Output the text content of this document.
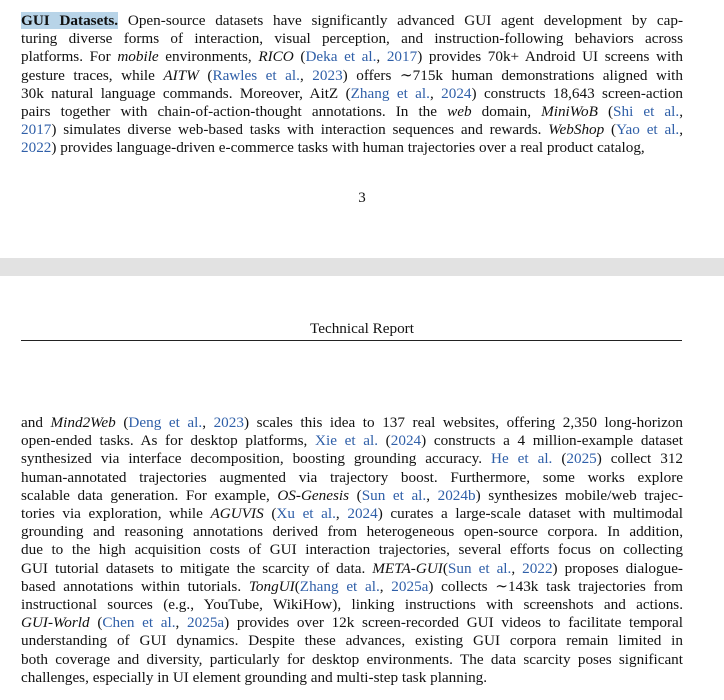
GUI Datasets. Open-source datasets have significantly advanced GUI agent development by cap-
turing diverse forms of interaction, visual perception, and instruction-following behaviors across
platforms. For mobile environments, RICO (Deka et al., 2017) provides 70k+ Android UI screens with
gesture traces, while AITW (Rawles et al., 2023) offers ∼715k human demonstrations aligned with
30k natural language commands. Moreover, AitZ (Zhang et al., 2024) constructs 18,643 screen-action
pairs together with chain-of-action-thought annotations. In the web domain, MiniWoB (Shi et al.,
2017) simulates diverse web-based tasks with interaction sequences and rewards. WebShop (Yao et al.,
2022) provides language-driven e-commerce tasks with human trajectories over a real product catalog,

3
Technical Report

and Mind2Web (Deng et al., 2023) scales this idea to 137 real websites, offering 2,350 long-horizon
open-ended tasks. As for desktop platforms, Xie et al. (2024) constructs a 4 million-example dataset
synthesized via interface decomposition, boosting grounding accuracy. He et al. (2025) collect 312
human-annotated trajectories augmented via trajectory boost. Furthermore, some works explore
scalable data generation. For example, OS-Genesis (Sun et al., 2024b) synthesizes mobile/web trajec-
tories via exploration, while AGUVIS (Xu et al., 2024) curates a large-scale dataset with multimodal
grounding and reasoning annotations derived from heterogeneous open-source corpora. In addition,
due to the high acquisition costs of GUI interaction trajectories, several efforts focus on collecting
GUI tutorial datasets to mitigate the scarcity of data. META-GUI(Sun et al., 2022) proposes dialogue-
based annotations within tutorials. TongUI(Zhang et al., 2025a) collects ∼143k task trajectories from
instructional sources (e.g., YouTube, WikiHow), linking instructions with screenshots and actions.
GUI-World (Chen et al., 2025a) provides over 12k screen-recorded GUI videos to facilitate temporal
understanding of GUI dynamics. Despite these advances, existing GUI corpora remain limited in
both coverage and diversity, particularly for desktop environments. The data scarcity poses significant
challenges, especially in UI element grounding and multi-step task planning.
